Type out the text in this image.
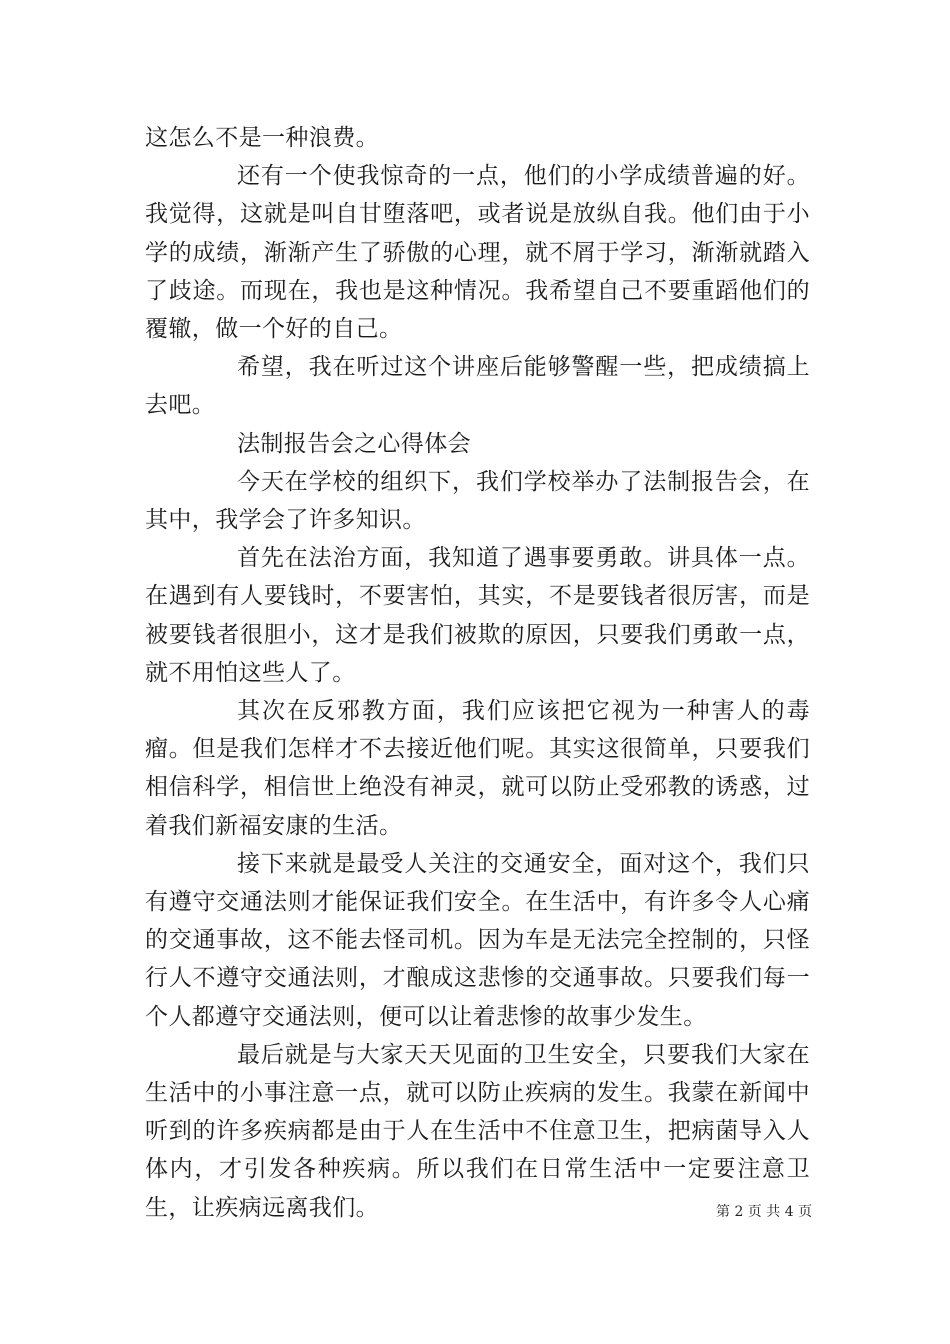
这怎么不是一种浪费。

还有一个使我惊奇的一点，他们的小学成绩普遍的好。我觉得，这就是叫自甘堕落吧，或者说是放纵自我。他们由于小学的成绩，渐渐产生了骄傲的心理，就不屑于学习，渐渐就踏入了歧途。而现在，我也是这种情况。我希望自己不要重蹈他们的覆辙，做一个好的自己。

希望，我在听过这个讲座后能够警醒一些，把成绩搞上去吧。

法制报告会之心得体会

今天在学校的组织下，我们学校举办了法制报告会，在其中，我学会了许多知识。

首先在法治方面，我知道了遇事要勇敢。讲具体一点。在遇到有人要钱时，不要害怕，其实，不是要钱者很厉害，而是被要钱者很胆小，这才是我们被欺的原因，只要我们勇敢一点，就不用怕这些人了。

其次在反邪教方面，我们应该把它视为一种害人的毒瘤。但是我们怎样才不去接近他们呢。其实这很简单，只要我们相信科学，相信世上绝没有神灵，就可以防止受邪教的诱惑，过着我们新福安康的生活。

接下来就是最受人关注的交通安全，面对这个，我们只有遵守交通法则才能保证我们安全。在生活中，有许多令人心痛的交通事故，这不能去怪司机。因为车是无法完全控制的，只怪行人不遵守交通法则，才酿成这悲惨的交通事故。只要我们每一个人都遵守交通法则，便可以让着悲惨的故事少发生。

最后就是与大家天天见面的卫生安全，只要我们大家在生活中的小事注意一点，就可以防止疾病的发生。我蒙在新闻中听到的许多疾病都是由于人在生活中不住意卫生，把病菌导入人体内，才引发各种疾病。所以我们在日常生活中一定要注意卫生，让疾病远离我们。	第 2 页 共 4 页
